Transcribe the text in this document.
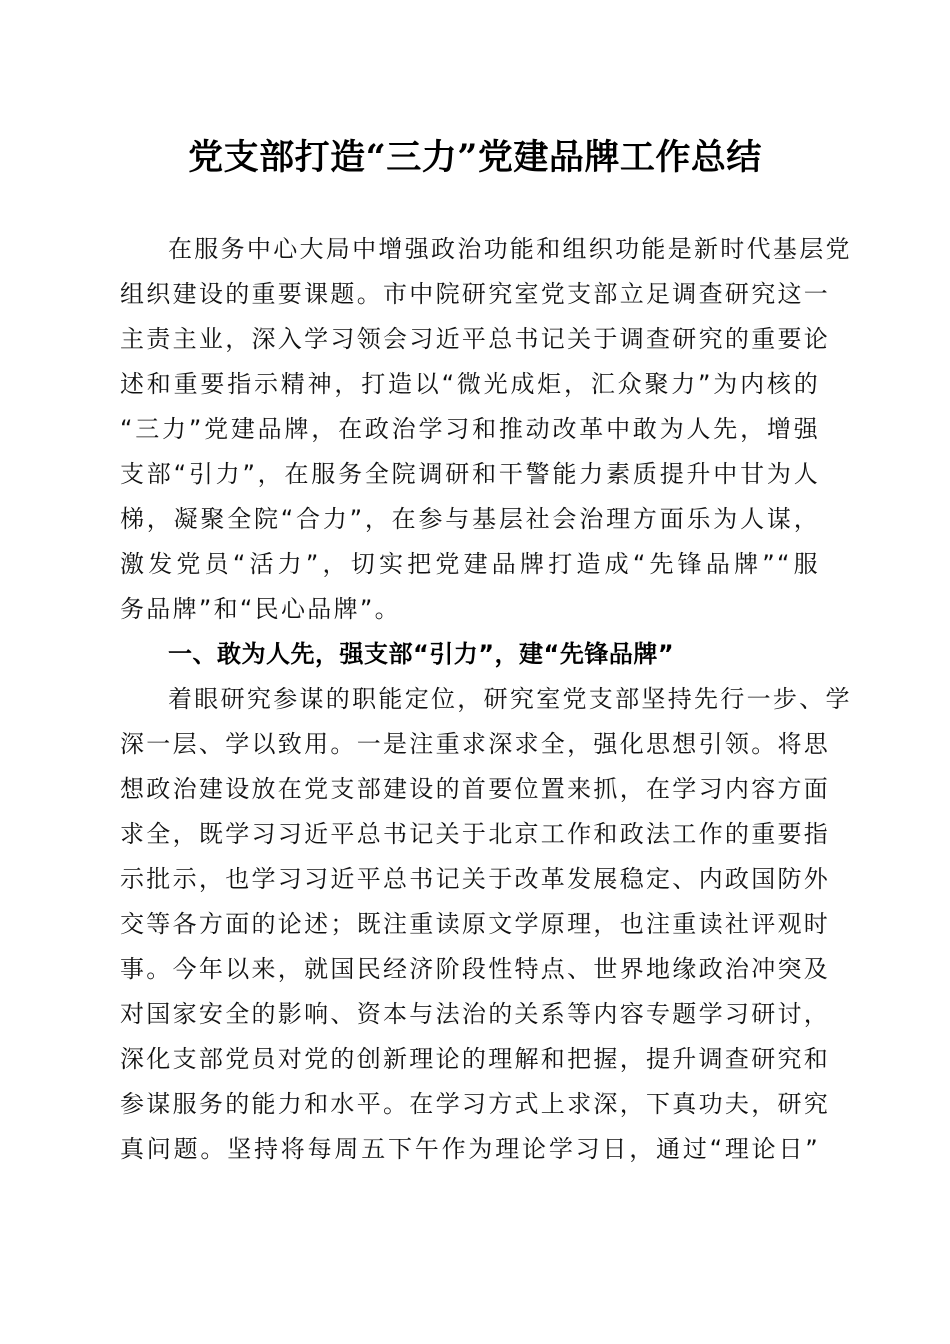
党支部打造“三力”党建品牌工作总结
在服务中心大局中增强政治功能和组织功能是新时代基层党
组织建设的重要课题。市中院研究室党支部立足调查研究这一
主责主业，深入学习领会习近平总书记关于调查研究的重要论
述和重要指示精神，打造以“微光成炬，汇众聚力”为内核的
“三力”党建品牌，在政治学习和推动改革中敢为人先，增强
支部“引力”，在服务全院调研和干警能力素质提升中甘为人
梯，凝聚全院“合力”，在参与基层社会治理方面乐为人谋，
激发党员“活力”，切实把党建品牌打造成“先锋品牌”“服
务品牌”和“民心品牌”。
一、敢为人先，强支部“引力”，建“先锋品牌”
着眼研究参谋的职能定位，研究室党支部坚持先行一步、学
深一层、学以致用。一是注重求深求全，强化思想引领。将思
想政治建设放在党支部建设的首要位置来抓，在学习内容方面
求全，既学习习近平总书记关于北京工作和政法工作的重要指
示批示，也学习习近平总书记关于改革发展稳定、内政国防外
交等各方面的论述；既注重读原文学原理，也注重读社评观时
事。今年以来，就国民经济阶段性特点、世界地缘政治冲突及
对国家安全的影响、资本与法治的关系等内容专题学习研讨，
深化支部党员对党的创新理论的理解和把握，提升调查研究和
参谋服务的能力和水平。在学习方式上求深，下真功夫，研究
真问题。坚持将每周五下午作为理论学习日，通过“理论日”
